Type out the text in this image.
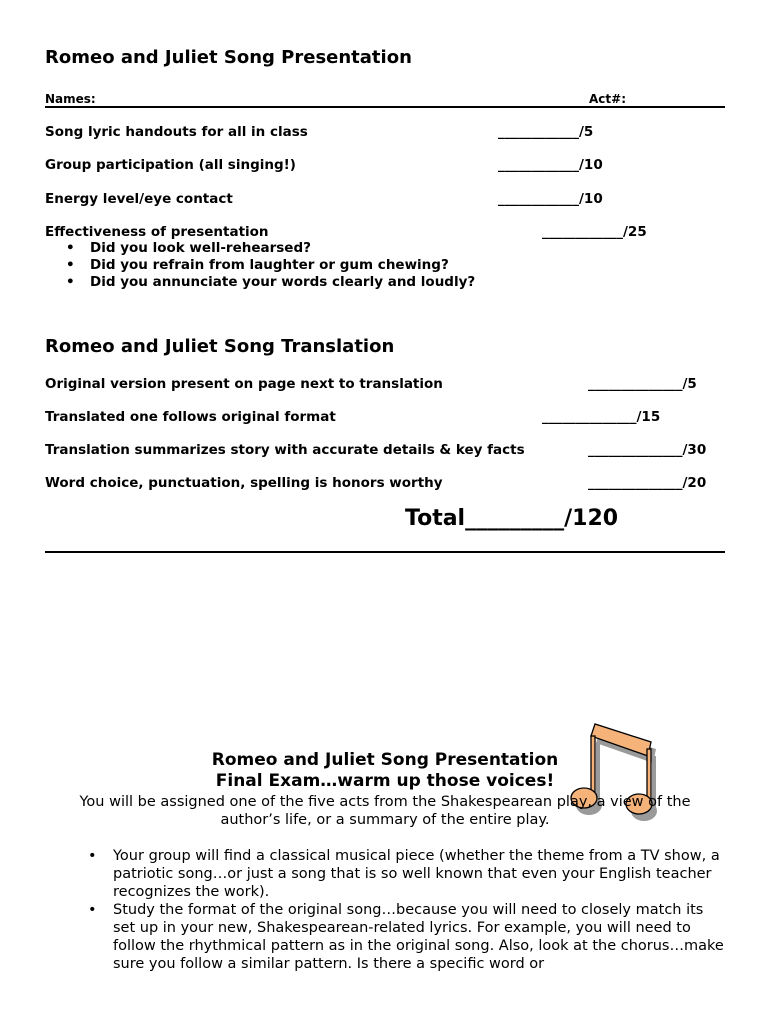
Romeo and Juliet Song Presentation
Names:	Act#:
Song lyric handouts for all in class	____________/5
Group participation (all singing!)	____________/10
Energy level/eye contact	____________/10
Effectiveness of presentation	____________/25
• Did you look well-rehearsed?
• Did you refrain from laughter or gum chewing?
• Did you annunciate your words clearly and loudly?
Romeo and Juliet Song Translation
Original version present on page next to translation	______________/5
Translated one follows original format	______________/15
Translation summarizes story with accurate details & key facts	______________/30
Word choice, punctuation, spelling is honors worthy	______________/20
Total_________/120
Romeo and Juliet Song Presentation
Final Exam…warm up those voices!
You will be assigned one of the five acts from the Shakespearean play, a view of the
author’s life, or a summary of the entire play.
• Your group will find a classical musical piece (whether the theme from a TV show, a patriotic song…or just a song that is so well known that even your English teacher recognizes the work).
• Study the format of the original song…because you will need to closely match its set up in your new, Shakespearean-related lyrics. For example, you will need to follow the rhythmical pattern as in the original song. Also, look at the chorus…make sure you follow a similar pattern. Is there a specific word or
